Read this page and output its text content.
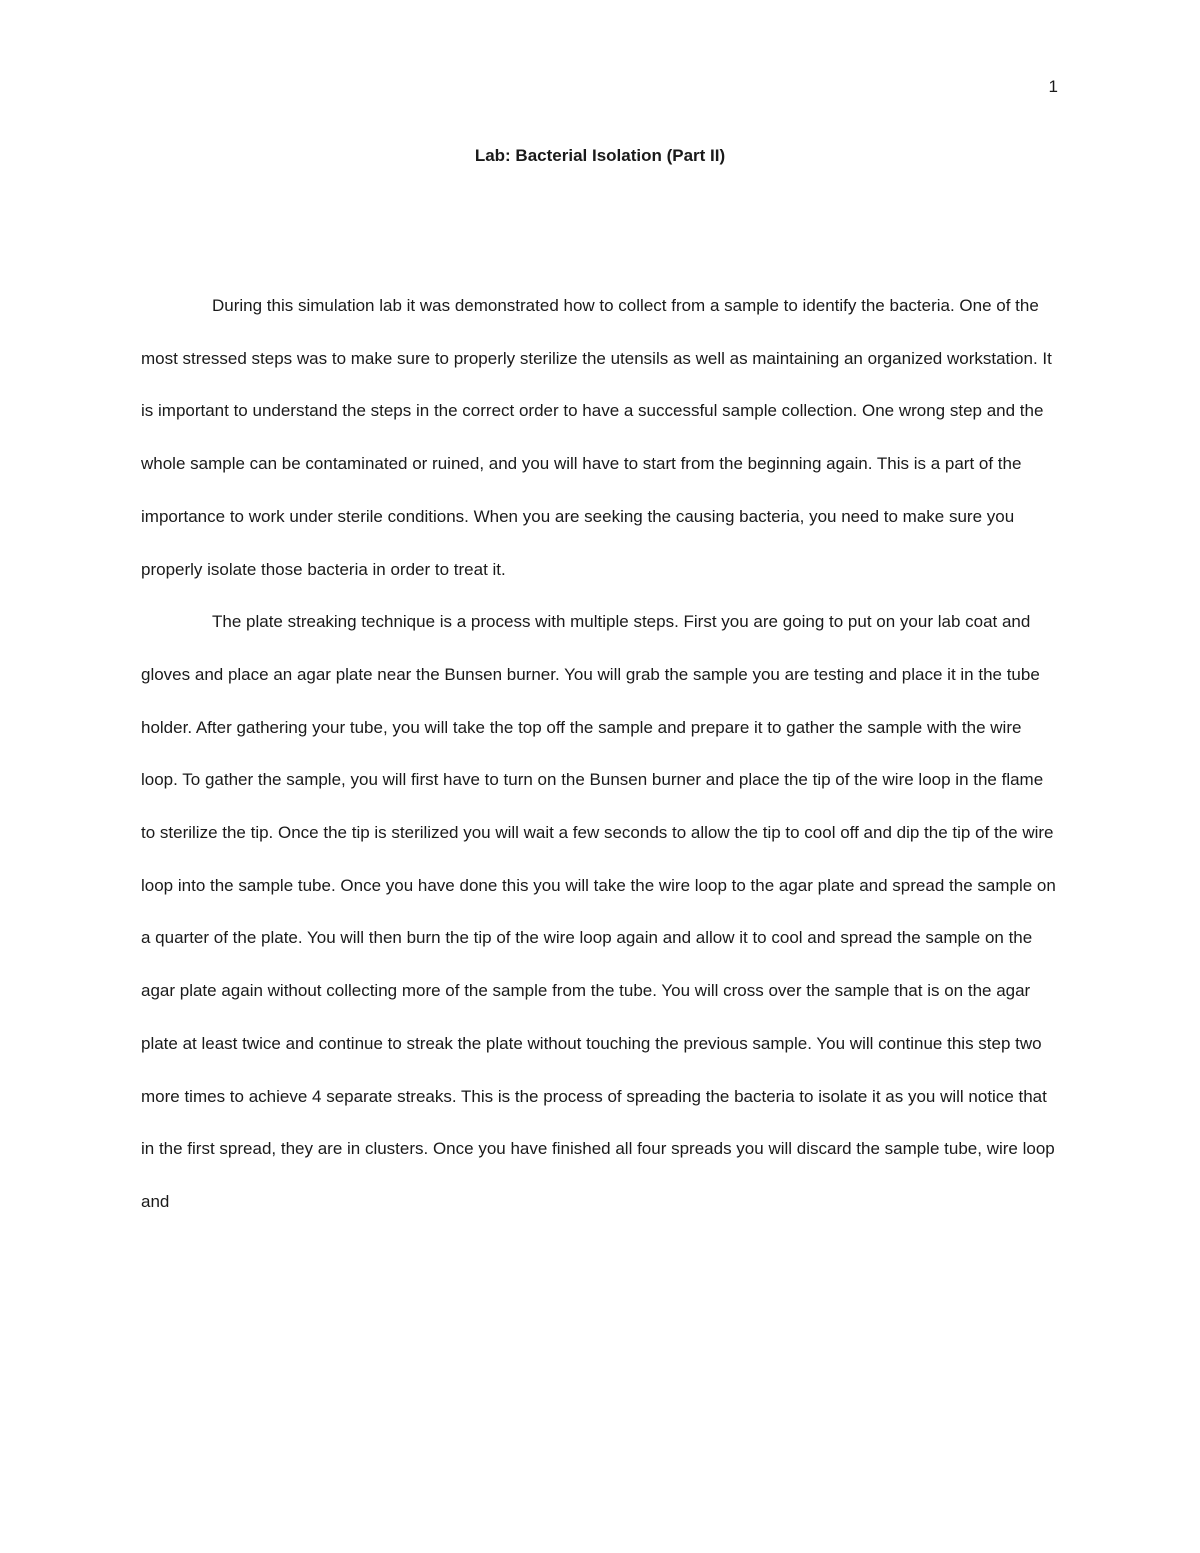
1
Lab: Bacterial Isolation (Part II)

During this simulation lab it was demonstrated how to collect from a sample to identify the bacteria. One of the most stressed steps was to make sure to properly sterilize the utensils as well as maintaining an organized workstation. It is important to understand the steps in the correct order to have a successful sample collection. One wrong step and the whole sample can be contaminated or ruined, and you will have to start from the beginning again. This is a part of the importance to work under sterile conditions. When you are seeking the causing bacteria, you need to make sure you properly isolate those bacteria in order to treat it.

The plate streaking technique is a process with multiple steps. First you are going to put on your lab coat and gloves and place an agar plate near the Bunsen burner. You will grab the sample you are testing and place it in the tube holder. After gathering your tube, you will take the top off the sample and prepare it to gather the sample with the wire loop. To gather the sample, you will first have to turn on the Bunsen burner and place the tip of the wire loop in the flame to sterilize the tip. Once the tip is sterilized you will wait a few seconds to allow the tip to cool off and dip the tip of the wire loop into the sample tube. Once you have done this you will take the wire loop to the agar plate and spread the sample on a quarter of the plate. You will then burn the tip of the wire loop again and allow it to cool and spread the sample on the agar plate again without collecting more of the sample from the tube. You will cross over the sample that is on the agar plate at least twice and continue to streak the plate without touching the previous sample. You will continue this step two more times to achieve 4 separate streaks. This is the process of spreading the bacteria to isolate it as you will notice that in the first spread, they are in clusters. Once you have finished all four spreads you will discard the sample tube, wire loop and
